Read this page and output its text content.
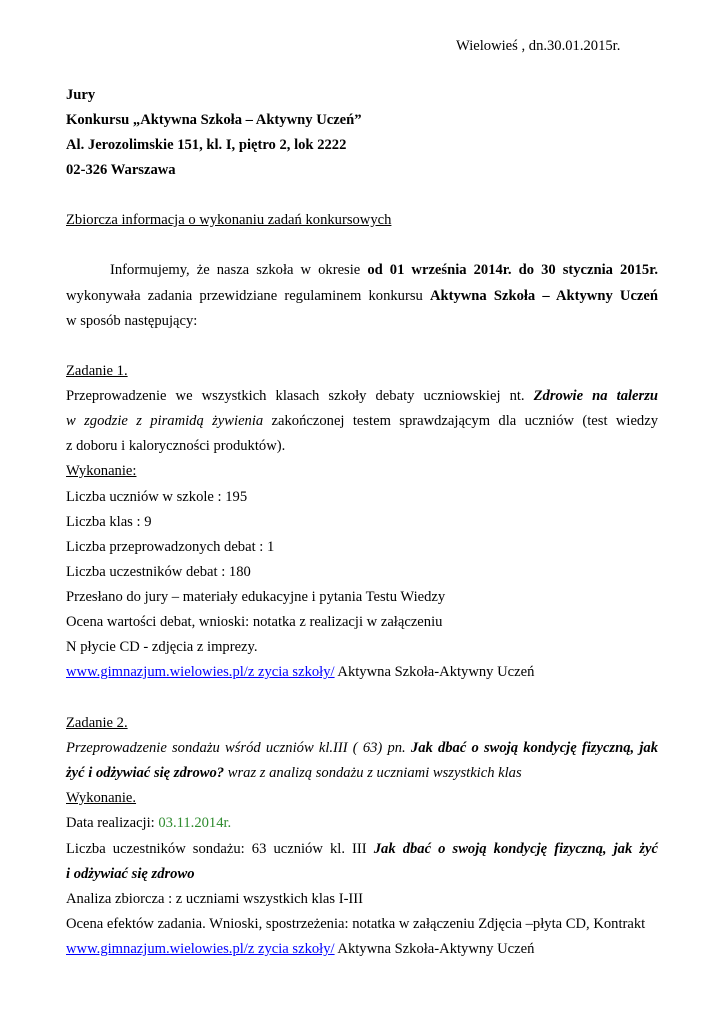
Wielowieś , dn.30.01.2015r.
Jury
Konkursu „Aktywna Szkoła – Aktywny Uczeń”
Al. Jerozolimskie 151, kl. I, piętro 2, lok 2222
02-326 Warszawa
Zbiorcza informacja o wykonaniu zadań konkursowych
Informujemy, że nasza szkoła w okresie od 01 września 2014r. do 30 stycznia 2015r.
wykonywała zadania przewidziane regulaminem konkursu Aktywna Szkoła – Aktywny Uczeń
w sposób następujący:
Zadanie 1.
Przeprowadzenie we wszystkich klasach szkoły debaty uczniowskiej nt. Zdrowie na talerzu
w zgodzie z piramidą żywienia zakończonej testem sprawdzającym dla uczniów (test wiedzy
z doboru i kaloryczności produktów).
Wykonanie:
Liczba uczniów w szkole : 195
Liczba klas : 9
Liczba przeprowadzonych debat : 1
Liczba uczestników debat : 180
Przesłano do jury – materiały edukacyjne i pytania Testu Wiedzy
Ocena wartości debat, wnioski: notatka z realizacji w załączeniu
N płycie CD - zdjęcia z imprezy.
www.gimnazjum.wielowies.pl/z zycia szkoły/ Aktywna Szkoła-Aktywny Uczeń
Zadanie 2.
Przeprowadzenie sondażu wśród uczniów kl.III ( 63) pn. Jak dbać o swoją kondycję fizyczną, jak
żyć i odżywiać się zdrowo? wraz z analizą sondażu z uczniami wszystkich klas
Wykonanie.
Data realizacji: 03.11.2014r.
Liczba uczestników sondażu: 63 uczniów kl. III Jak dbać o swoją kondycję fizyczną, jak żyć
i odżywiać się zdrowo
Analiza zbiorcza : z uczniami wszystkich klas I-III
Ocena efektów zadania. Wnioski, spostrzeżenia: notatka w załączeniu Zdjęcia –płyta CD, Kontrakt
www.gimnazjum.wielowies.pl/z zycia szkoły/ Aktywna Szkoła-Aktywny Uczeń
